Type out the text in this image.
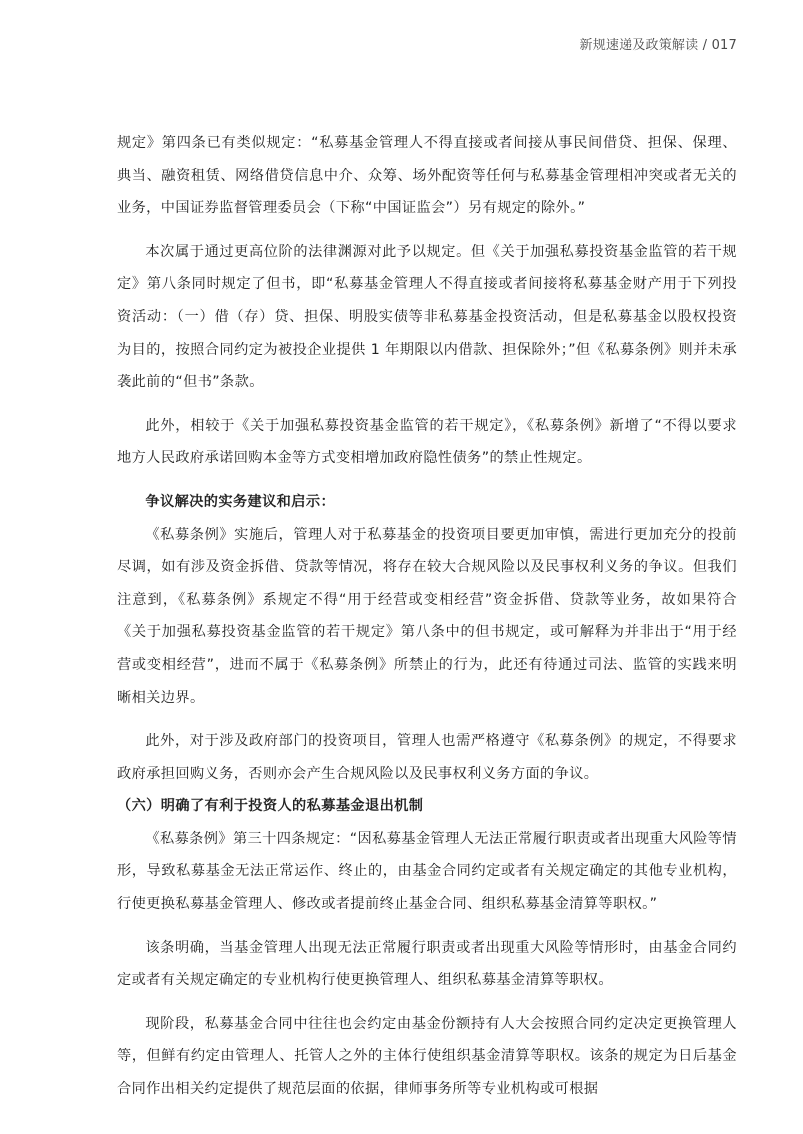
新规速递及政策解读 / 017

规定》第四条已有类似规定：“私募基金管理人不得直接或者间接从事民间借贷、担保、保理、典当、融资租赁、网络借贷信息中介、众筹、场外配资等任何与私募基金管理相冲突或者无关的业务，中国证券监督管理委员会（下称“中国证监会”）另有规定的除外。”

本次属于通过更高位阶的法律渊源对此予以规定。但《关于加强私募投资基金监管的若干规定》第八条同时规定了但书，即“私募基金管理人不得直接或者间接将私募基金财产用于下列投资活动：（一）借（存）贷、担保、明股实债等非私募基金投资活动，但是私募基金以股权投资为目的，按照合同约定为被投企业提供 1 年期限以内借款、担保除外；”但《私募条例》则并未承袭此前的“但书”条款。

此外，相较于《关于加强私募投资基金监管的若干规定》，《私募条例》新增了“不得以要求地方人民政府承诺回购本金等方式变相增加政府隐性债务”的禁止性规定。

争议解决的实务建议和启示：

《私募条例》实施后，管理人对于私募基金的投资项目要更加审慎，需进行更加充分的投前尽调，如有涉及资金拆借、贷款等情况，将存在较大合规风险以及民事权利义务的争议。但我们注意到，《私募条例》系规定不得“用于经营或变相经营”资金拆借、贷款等业务，故如果符合《关于加强私募投资基金监管的若干规定》第八条中的但书规定，或可解释为并非出于“用于经营或变相经营”，进而不属于《私募条例》所禁止的行为，此还有待通过司法、监管的实践来明晰相关边界。

此外，对于涉及政府部门的投资项目，管理人也需严格遵守《私募条例》的规定，不得要求政府承担回购义务，否则亦会产生合规风险以及民事权利义务方面的争议。

（六）明确了有利于投资人的私募基金退出机制

《私募条例》第三十四条规定：“因私募基金管理人无法正常履行职责或者出现重大风险等情形，导致私募基金无法正常运作、终止的，由基金合同约定或者有关规定确定的其他专业机构，行使更换私募基金管理人、修改或者提前终止基金合同、组织私募基金清算等职权。”

该条明确，当基金管理人出现无法正常履行职责或者出现重大风险等情形时，由基金合同约定或者有关规定确定的专业机构行使更换管理人、组织私募基金清算等职权。

现阶段，私募基金合同中往往也会约定由基金份额持有人大会按照合同约定决定更换管理人等，但鲜有约定由管理人、托管人之外的主体行使组织基金清算等职权。该条的规定为日后基金合同作出相关约定提供了规范层面的依据，律师事务所等专业机构或可根据
